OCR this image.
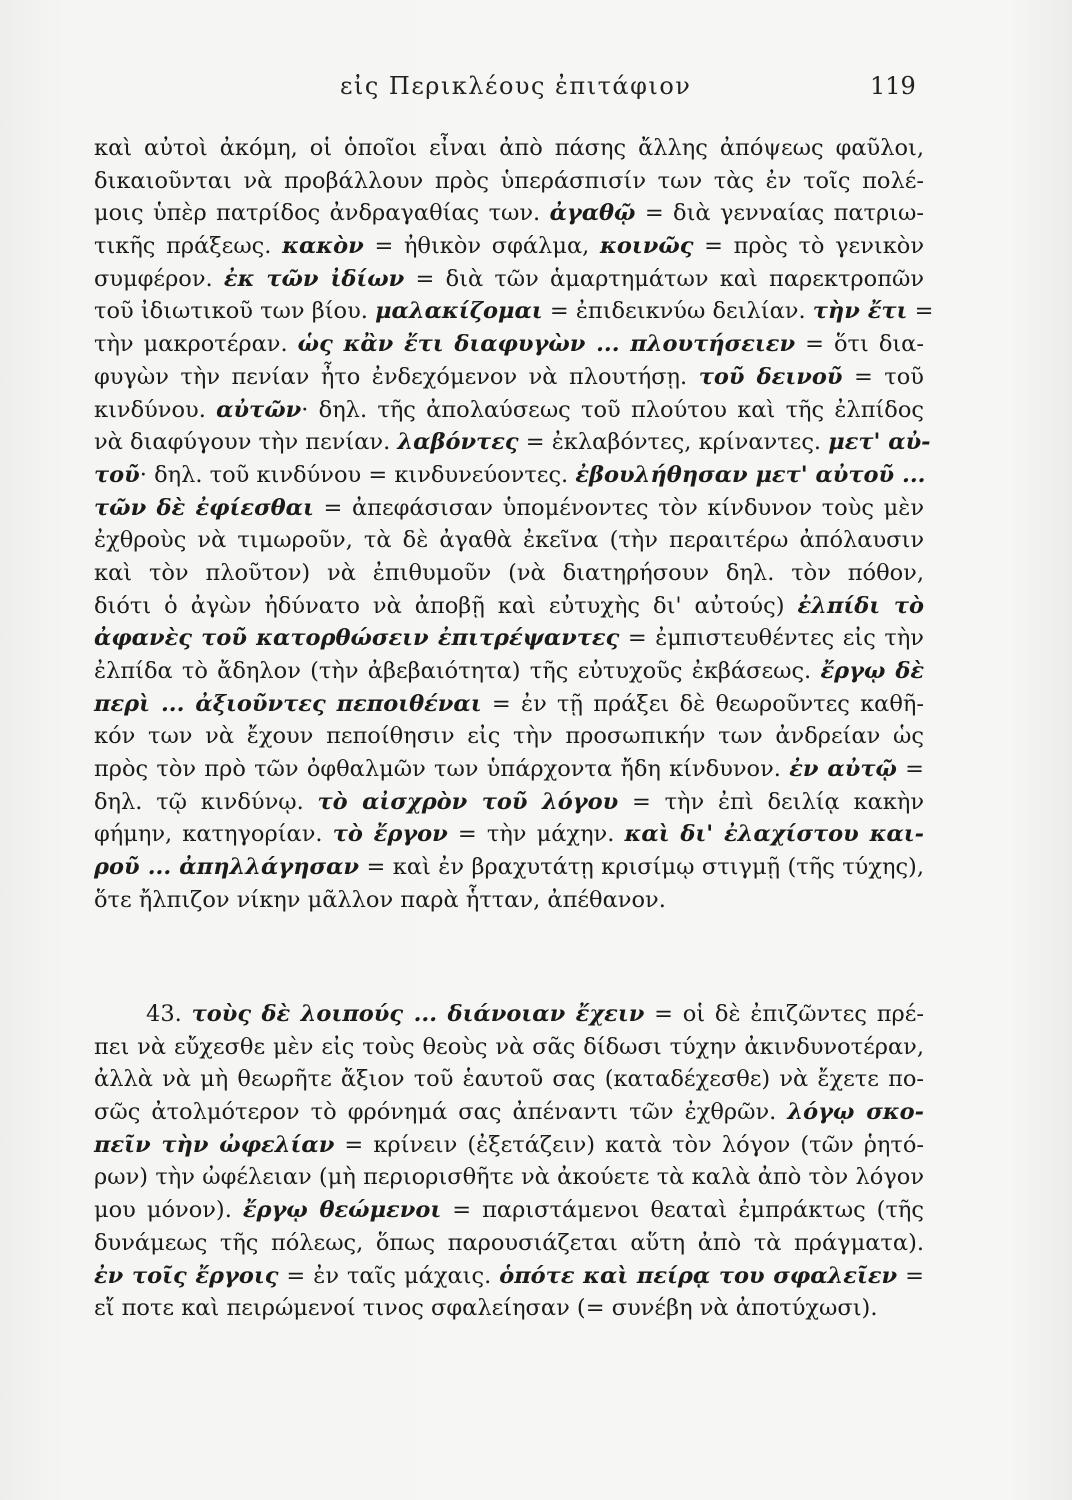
εἰς Περικλέους ἐπιτάφιον	119
καὶ αὐτοὶ ἀκόμη, οἱ ὁποῖοι εἶναι ἀπὸ πάσης ἄλλης ἀπόψεως φαῦλοι,
δικαιοῦνται νὰ προβάλλουν πρὸς ὑπεράσπισίν των τὰς ἐν τοῖς πολέ-
μοις ὑπὲρ πατρίδος ἀνδραγαθίας των. ἀγαθῷ = διὰ γενναίας πατριω-
τικῆς πράξεως. κακὸν = ἠθικὸν σφάλμα, κοινῶς = πρὸς τὸ γενικὸν
συμφέρον. ἐκ τῶν ἰδίων = διὰ τῶν ἁμαρτημάτων καὶ παρεκτροπῶν
τοῦ ἰδιωτικοῦ των βίου. μαλακίζομαι = ἐπιδεικνύω δειλίαν. τὴν ἔτι =
τὴν μακροτέραν. ὡς κἂν ἔτι διαφυγὼν ... πλουτήσειεν = ὅτι δια-
φυγὼν τὴν πενίαν ἦτο ἐνδεχόμενον νὰ πλουτήσῃ. τοῦ δεινοῦ = τοῦ
κινδύνου. αὐτῶν· δηλ. τῆς ἀπολαύσεως τοῦ πλούτου καὶ τῆς ἐλπίδος
νὰ διαφύγουν τὴν πενίαν. λαβόντες = ἐκλαβόντες, κρίναντες. μετ' αὐ-
τοῦ· δηλ. τοῦ κινδύνου = κινδυνεύοντες. ἐβουλήθησαν μετ' αὐτοῦ ...
τῶν δὲ ἐφίεσθαι = ἀπεφάσισαν ὑπομένοντες τὸν κίνδυνον τοὺς μὲν
ἐχθροὺς νὰ τιμωροῦν, τὰ δὲ ἀγαθὰ ἐκεῖνα (τὴν περαιτέρω ἀπόλαυσιν
καὶ τὸν πλοῦτον) νὰ ἐπιθυμοῦν (νὰ διατηρήσουν δηλ. τὸν πόθον,
διότι ὁ ἀγὼν ἠδύνατο νὰ ἀποβῇ καὶ εὐτυχὴς δι' αὐτούς) ἐλπίδι τὸ
ἀφανὲς τοῦ κατορθώσειν ἐπιτρέψαντες = ἐμπιστευθέντες εἰς τὴν
ἐλπίδα τὸ ἄδηλον (τὴν ἀβεβαιότητα) τῆς εὐτυχοῦς ἐκβάσεως. ἔργῳ δὲ
περὶ ... ἀξιοῦντες πεποιθέναι = ἐν τῇ πράξει δὲ θεωροῦντες καθῆ-
κόν των νὰ ἔχουν πεποίθησιν εἰς τὴν προσωπικήν των ἀνδρείαν ὡς
πρὸς τὸν πρὸ τῶν ὀφθαλμῶν των ὑπάρχοντα ἤδη κίνδυνον. ἐν αὐτῷ =
δηλ. τῷ κινδύνῳ. τὸ αἰσχρὸν τοῦ λόγου = τὴν ἐπὶ δειλίᾳ κακὴν
φήμην, κατηγορίαν. τὸ ἔργον = τὴν μάχην. καὶ δι' ἐλαχίστου και-
ροῦ ... ἀπηλλάγησαν = καὶ ἐν βραχυτάτῃ κρισίμῳ στιγμῇ (τῆς τύχης),
ὅτε ἤλπιζον νίκην μᾶλλον παρὰ ἧτταν, ἀπέθανον.
43. τοὺς δὲ λοιπούς ... διάνοιαν ἔχειν = οἱ δὲ ἐπιζῶντες πρέ-
πει νὰ εὔχεσθε μὲν εἰς τοὺς θεοὺς νὰ σᾶς δίδωσι τύχην ἀκινδυνοτέραν,
ἀλλὰ νὰ μὴ θεωρῆτε ἄξιον τοῦ ἑαυτοῦ σας (καταδέχεσθε) νὰ ἔχετε πο-
σῶς ἀτολμότερον τὸ φρόνημά σας ἀπέναντι τῶν ἐχθρῶν. λόγῳ σκο-
πεῖν τὴν ὠφελίαν = κρίνειν (ἐξετάζειν) κατὰ τὸν λόγον (τῶν ῥητό-
ρων) τὴν ὠφέλειαν (μὴ περιορισθῆτε νὰ ἀκούετε τὰ καλὰ ἀπὸ τὸν λόγον
μου μόνον). ἔργῳ θεώμενοι = παριστάμενοι θεαταὶ ἐμπράκτως (τῆς
δυνάμεως τῆς πόλεως, ὅπως παρουσιάζεται αὕτη ἀπὸ τὰ πράγματα).
ἐν τοῖς ἔργοις = ἐν ταῖς μάχαις. ὁπότε καὶ πείρᾳ του σφαλεῖεν =
εἴ ποτε καὶ πειρώμενοί τινος σφαλείησαν (= συνέβη νὰ ἀποτύχωσι).
